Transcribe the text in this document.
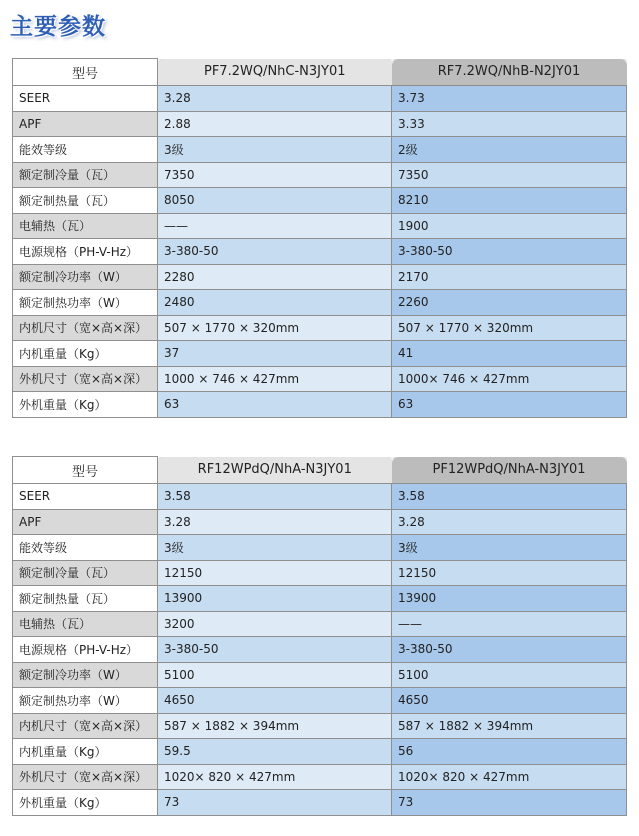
主要参数
型号	PF7.2WQ/NhC-N3JY01	RF7.2WQ/NhB-N2JY01
SEER	3.28	3.73
APF	2.88	3.33
能效等级	3级	2级
额定制冷量（瓦）	7350	7350
额定制热量（瓦）	8050	8210
电辅热（瓦）	——	1900
电源规格（PH-V-Hz）	3-380-50	3-380-50
额定制冷功率（W）	2280	2170
额定制热功率（W）	2480	2260
内机尺寸（宽×高×深）	507 × 1770 × 320mm	507 × 1770 × 320mm
内机重量（Kg）	37	41
外机尺寸（宽×高×深）	1000 × 746 × 427mm	1000× 746 × 427mm
外机重量（Kg）	63	63
型号	RF12WPdQ/NhA-N3JY01	PF12WPdQ/NhA-N3JY01
SEER	3.58	3.58
APF	3.28	3.28
能效等级	3级	3级
额定制冷量（瓦）	12150	12150
额定制热量（瓦）	13900	13900
电辅热（瓦）	3200	——
电源规格（PH-V-Hz）	3-380-50	3-380-50
额定制冷功率（W）	5100	5100
额定制热功率（W）	4650	4650
内机尺寸（宽×高×深）	587 × 1882 × 394mm	587 × 1882 × 394mm
内机重量（Kg）	59.5	56
外机尺寸（宽×高×深）	1020× 820 × 427mm	1020× 820 × 427mm
外机重量（Kg）	73	73
